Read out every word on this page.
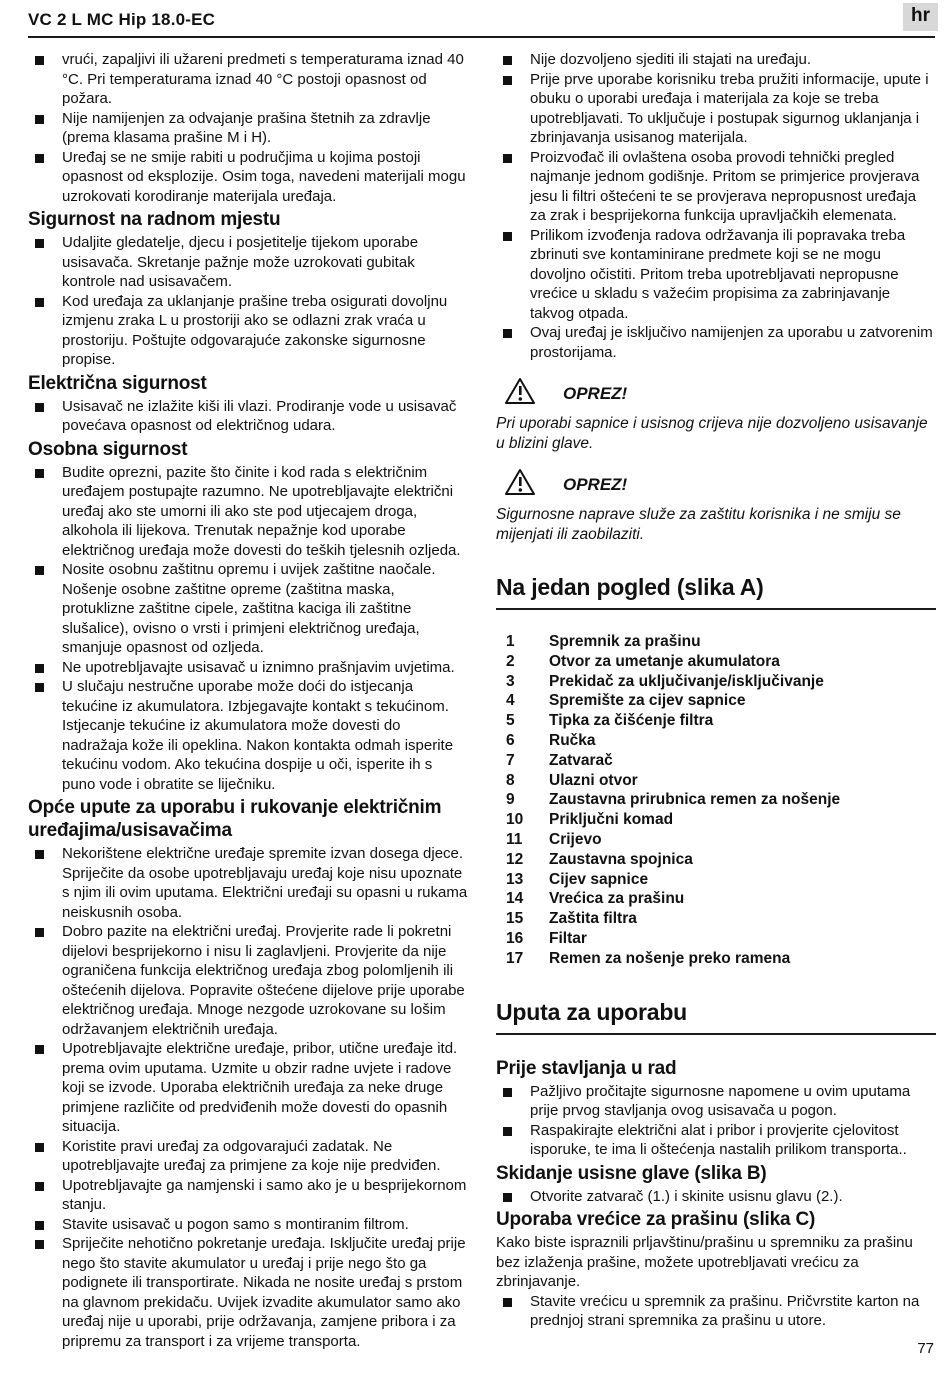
VC 2 L MC Hip 18.0-EC	hr
vrući, zapaljivi ili užareni predmeti s temperaturama iznad 40 °C. Pri temperaturama iznad 40 °C postoji opasnost od požara.
Nije namijenjen za odvajanje prašina štetnih za zdravlje (prema klasama prašine M i H).
Uređaj se ne smije rabiti u područjima u kojima postoji opasnost od eksplozije. Osim toga, navedeni materijali mogu uzrokovati korodiranje materijala uređaja.
Sigurnost na radnom mjestu
Udaljite gledatelje, djecu i posjetitelje tijekom uporabe usisavača. Skretanje pažnje može uzrokovati gubitak kontrole nad usisavačem.
Kod uređaja za uklanjanje prašine treba osigurati dovoljnu izmjenu zraka L u prostoriji ako se odlazni zrak vraća u prostoriju. Poštujte odgovarajuće zakonske sigurnosne propise.
Električna sigurnost
Usisavač ne izlažite kiši ili vlazi. Prodiranje vode u usisavač povećava opasnost od električnog udara.
Osobna sigurnost
Budite oprezni, pazite što činite i kod rada s električnim uređajem postupajte razumno. Ne upotrebljavajte električni uređaj ako ste umorni ili ako ste pod utjecajem droga, alkohola ili lijekova. Trenutak nepažnje kod uporabe električnog uređaja može dovesti do teških tjelesnih ozljeda.
Nosite osobnu zaštitnu opremu i uvijek zaštitne naočale. Nošenje osobne zaštitne opreme (zaštitna maska, protuklizne zaštitne cipele, zaštitna kaciga ili zaštitne slušalice), ovisno o vrsti i primjeni električnog uređaja, smanjuje opasnost od ozljeda.
Ne upotrebljavajte usisavač u iznimno prašnjavim uvjetima.
U slučaju nestručne uporabe može doći do istjecanja tekućine iz akumulatora. Izbjegavajte kontakt s tekućinom. Istjecanje tekućine iz akumulatora može dovesti do nadražaja kože ili opeklina. Nakon kontakta odmah isperite tekućinu vodom. Ako tekućina dospije u oči, isperite ih s puno vode i obratite se liječniku.
Opće upute za uporabu i rukovanje električnim uređajima/usisavačima
Nekorištene električne uređaje spremite izvan dosega djece. Spriječite da osobe upotrebljavaju uređaj koje nisu upoznate s njim ili ovim uputama. Električni uređaji su opasni u rukama neiskusnih osoba.
Dobro pazite na električni uređaj. Provjerite rade li pokretni dijelovi besprijekorno i nisu li zaglavljeni. Provjerite da nije ograničena funkcija električnog uređaja zbog polomljenih ili oštećenih dijelova. Popravite oštećene dijelove prije uporabe električnog uređaja. Mnoge nezgode uzrokovane su lošim održavanjem električnih uređaja.
Upotrebljavajte električne uređaje, pribor, utične uređaje itd. prema ovim uputama. Uzmite u obzir radne uvjete i radove koji se izvode. Uporaba električnih uređaja za neke druge primjene različite od predviđenih može dovesti do opasnih situacija.
Koristite pravi uređaj za odgovarajući zadatak. Ne upotrebljavajte uređaj za primjene za koje nije predviđen.
Upotrebljavajte ga namjenski i samo ako je u besprijekornom stanju.
Stavite usisavač u pogon samo s montiranim filtrom.
Spriječite nehotično pokretanje uređaja. Isključite uređaj prije nego što stavite akumulator u uređaj i prije nego što ga podignete ili transportirate. Nikada ne nosite uređaj s prstom na glavnom prekidaču. Uvijek izvadite akumulator samo ako uređaj nije u uporabi, prije održavanja, zamjene pribora i za pripremu za transport i za vrijeme transporta.
Nije dozvoljeno sjediti ili stajati na uređaju.
Prije prve uporabe korisniku treba pružiti informacije, upute i obuku o uporabi uređaja i materijala za koje se treba upotrebljavati. To uključuje i postupak sigurnog uklanjanja i zbrinjavanja usisanog materijala.
Proizvođač ili ovlaštena osoba provodi tehnički pregled najmanje jednom godišnje. Pritom se primjerice provjerava jesu li filtri oštećeni te se provjerava nepropusnost uređaja za zrak i besprijekorna funkcija upravljačkih elemenata.
Prilikom izvođenja radova održavanja ili popravaka treba zbrinuti sve kontaminirane predmete koji se ne mogu dovoljno očistiti. Pritom treba upotrebljavati nepropusne vrećice u skladu s važećim propisima za zabrinjavanje takvog otpada.
Ovaj uređaj je isključivo namijenjen za uporabu u zatvorenim prostorijama.
OPREZ!
Pri uporabi sapnice i usisnog crijeva nije dozvoljeno usisavanje u blizini glave.
OPREZ!
Sigurnosne naprave služe za zaštitu korisnika i ne smiju se mijenjati ili zaobilaziti.
Na jedan pogled (slika A)
1	Spremnik za prašinu
2	Otvor za umetanje akumulatora
3	Prekidač za uključivanje/isključivanje
4	Spremište za cijev sapnice
5	Tipka za čišćenje filtra
6	Ručka
7	Zatvarač
8	Ulazni otvor
9	Zaustavna prirubnica remen za nošenje
10	Priključni komad
11	Crijevo
12	Zaustavna spojnica
13	Cijev sapnice
14	Vrećica za prašinu
15	Zaštita filtra
16	Filtar
17	Remen za nošenje preko ramena
Uputa za uporabu
Prije stavljanja u rad
Pažljivo pročitajte sigurnosne napomene u ovim uputama prije prvog stavljanja ovog usisavača u pogon.
Raspakirajte električni alat i pribor i provjerite cjelovitost isporuke, te ima li oštećenja nastalih prilikom transporta..
Skidanje usisne glave (slika B)
Otvorite zatvarač (1.) i skinite usisnu glavu (2.).
Uporaba vrećice za prašinu (slika C)
Kako biste ispraznili prljavštinu/prašinu u spremniku za prašinu bez izlaženja prašine, možete upotrebljavati vrećicu za zbrinjavanje.
Stavite vrećicu u spremnik za prašinu. Pričvrstite karton na prednjoj strani spremnika za prašinu u utore.
77
